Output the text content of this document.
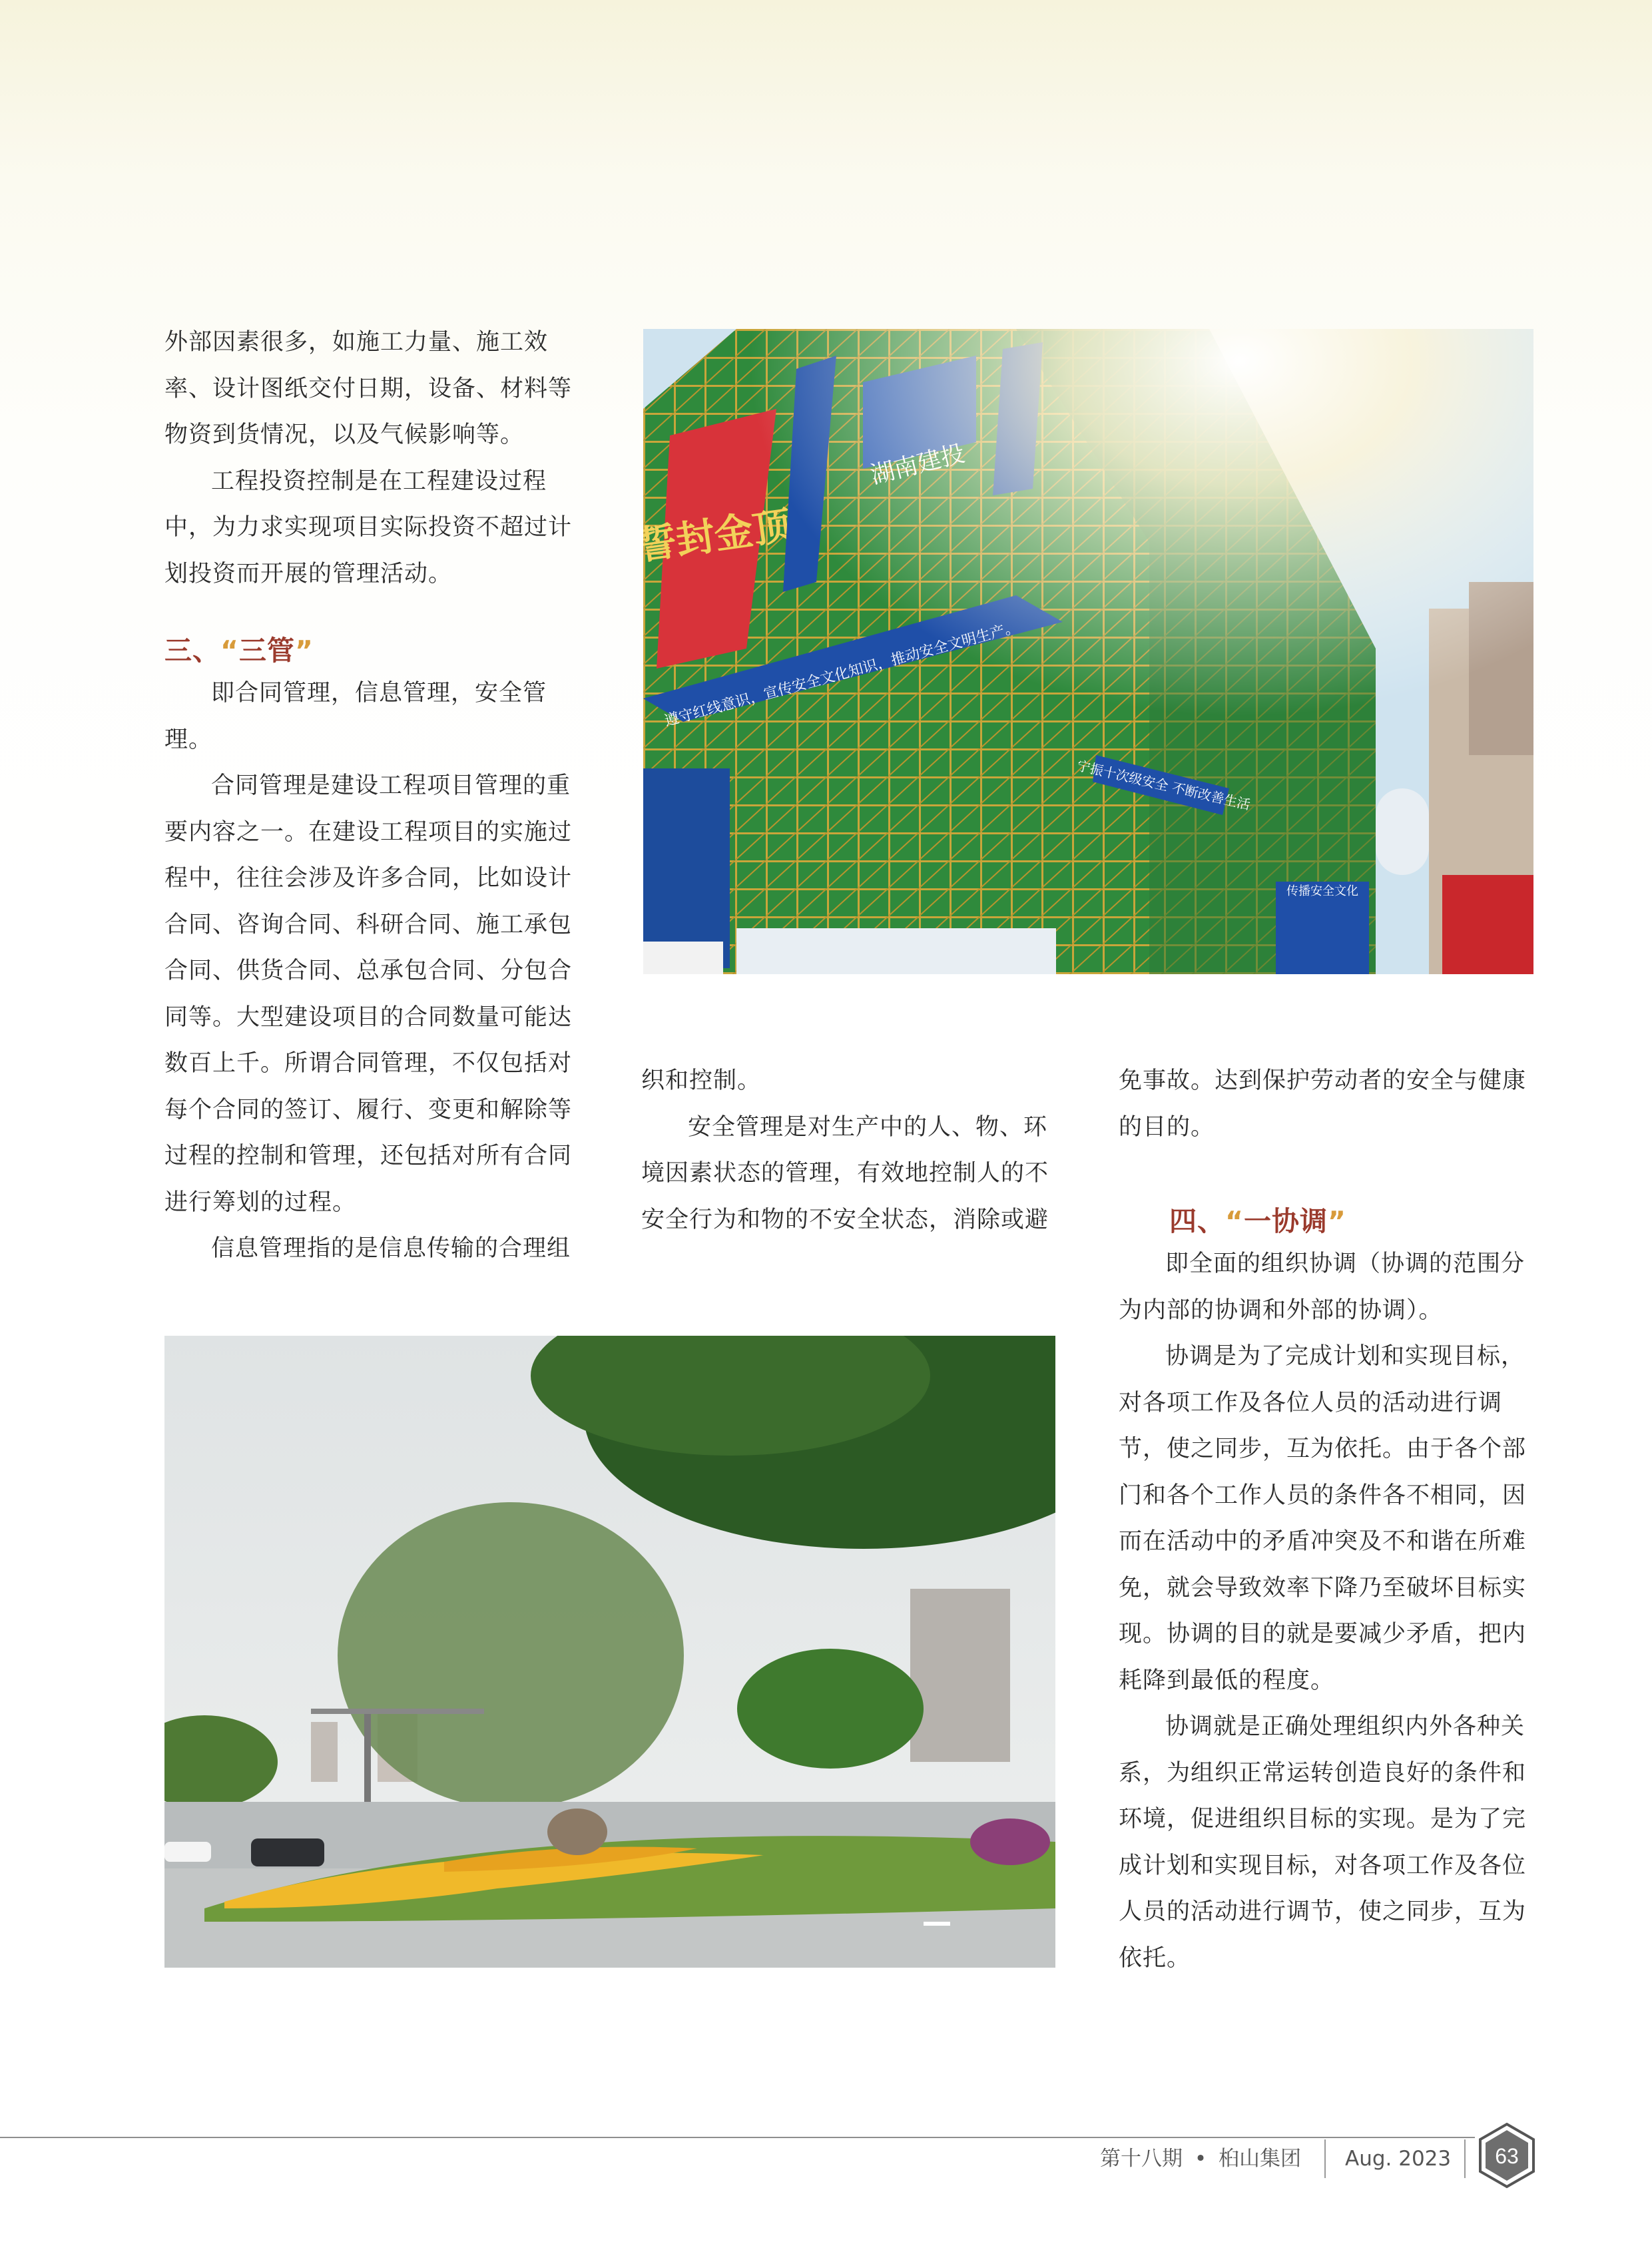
外部因素很多，如施工力量、施工效率、设计图纸交付日期，设备、材料等物资到货情况，以及气候影响等。

工程投资控制是在工程建设过程中，为力求实现项目实际投资不超过计划投资而开展的管理活动。

三、“三管”

即合同管理，信息管理，安全管理。

合同管理是建设工程项目管理的重要内容之一。在建设工程项目的实施过程中，往往会涉及许多合同，比如设计合同、咨询合同、科研合同、施工承包合同、供货合同、总承包合同、分包合同等。大型建设项目的合同数量可能达数百上千。所谓合同管理，不仅包括对每个合同的签订、履行、变更和解除等过程的控制和管理，还包括对所有合同进行筹划的过程。

信息管理指的是信息传输的合理组

织和控制。

安全管理是对生产中的人、物、环境因素状态的管理，有效地控制人的不安全行为和物的不安全状态，消除或避

免事故。达到保护劳动者的安全与健康的目的。

四、“一协调”

即全面的组织协调（协调的范围分为内部的协调和外部的协调）。

协调是为了完成计划和实现目标，对各项工作及各位人员的活动进行调节，使之同步，互为依托。由于各个部门和各个工作人员的条件各不相同，因而在活动中的矛盾冲突及不和谐在所难免，就会导致效率下降乃至破坏目标实现。协调的目的就是要减少矛盾，把内耗降到最低的程度。

协调就是正确处理组织内外各种关系，为组织正常运转创造良好的条件和环境，促进组织目标的实现。是为了完成计划和实现目标，对各项工作及各位人员的活动进行调节，使之同步，互为依托。

第十八期 • 桕山集团 Aug. 2023 63
